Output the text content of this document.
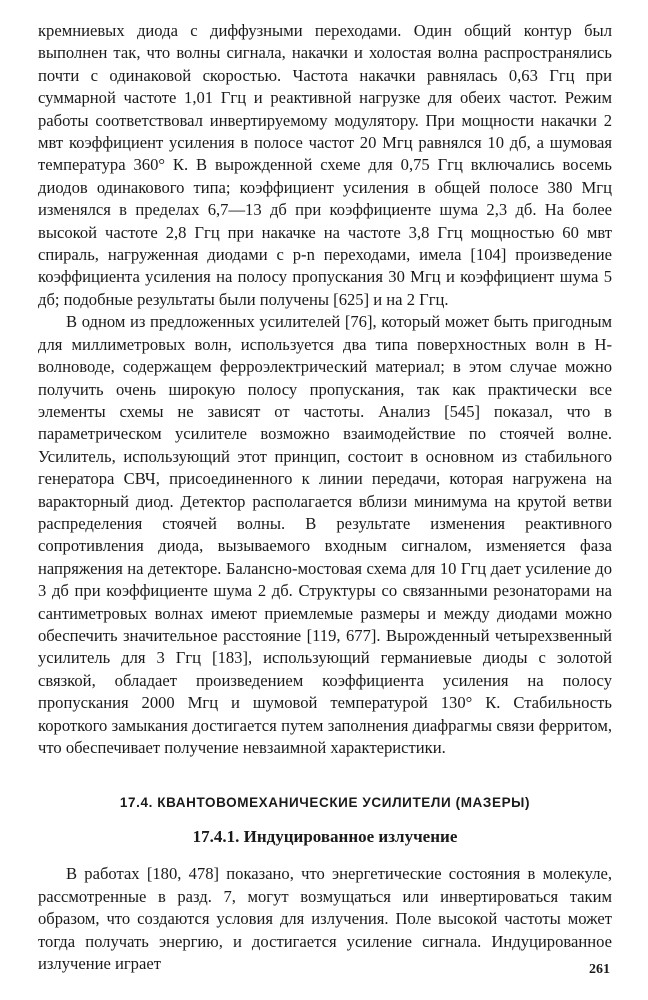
кремниевых диода с диффузными переходами. Один общий контур был выполнен так, что волны сигнала, накачки и холостая волна распространялись почти с одинаковой скоростью. Частота накачки равнялась 0,63 Ггц при суммарной частоте 1,01 Ггц и реактивной нагрузке для обеих частот. Режим работы соответствовал инвертируемому модулятору. При мощности накачки 2 мвт коэффициент усиления в полосе частот 20 Мгц равнялся 10 дб, а шумовая температура 360° К. В вырожденной схеме для 0,75 Ггц включались восемь диодов одинакового типа; коэффициент усиления в общей полосе 380 Мгц изменялся в пределах 6,7—13 дб при коэффициенте шума 2,3 дб. На более высокой частоте 2,8 Ггц при накачке на частоте 3,8 Ггц мощностью 60 мвт спираль, нагруженная диодами с p-n переходами, имела [104] произведение коэффициента усиления на полосу пропускания 30 Мгц и коэффициент шума 5 дб; подобные результаты были получены [625] и на 2 Ггц.

В одном из предложенных усилителей [76], который может быть пригодным для миллиметровых волн, используется два типа поверхностных волн в H-волноводе, содержащем ферроэлектрический материал; в этом случае можно получить очень широкую полосу пропускания, так как практически все элементы схемы не зависят от частоты. Анализ [545] показал, что в параметрическом усилителе возможно взаимодействие по стоячей волне. Усилитель, использующий этот принцип, состоит в основном из стабильного генератора СВЧ, присоединенного к линии передачи, которая нагружена на варакторный диод. Детектор располагается вблизи минимума на крутой ветви распределения стоячей волны. В результате изменения реактивного сопротивления диода, вызываемого входным сигналом, изменяется фаза напряжения на детекторе. Балансно-мостовая схема для 10 Ггц дает усиление до 3 дб при коэффициенте шума 2 дб. Структуры со связанными резонаторами на сантиметровых волнах имеют приемлемые размеры и между диодами можно обеспечить значительное расстояние [119, 677]. Вырожденный четырехзвенный усилитель для 3 Ггц [183], использующий германиевые диоды с золотой связкой, обладает произведением коэффициента усиления на полосу пропускания 2000 Мгц и шумовой температурой 130° К. Стабильность короткого замыкания достигается путем заполнения диафрагмы связи ферритом, что обеспечивает получение невзаимной характеристики.

17.4. КВАНТОВОМЕХАНИЧЕСКИЕ УСИЛИТЕЛИ (МАЗЕРЫ)
17.4.1. Индуцированное излучение

В работах [180, 478] показано, что энергетические состояния в молекуле, рассмотренные в разд. 7, могут возмущаться или инвертироваться таким образом, что создаются условия для излучения. Поле высокой частоты может тогда получать энергию, и достигается усиление сигнала. Индуцированное излучение играет	261
